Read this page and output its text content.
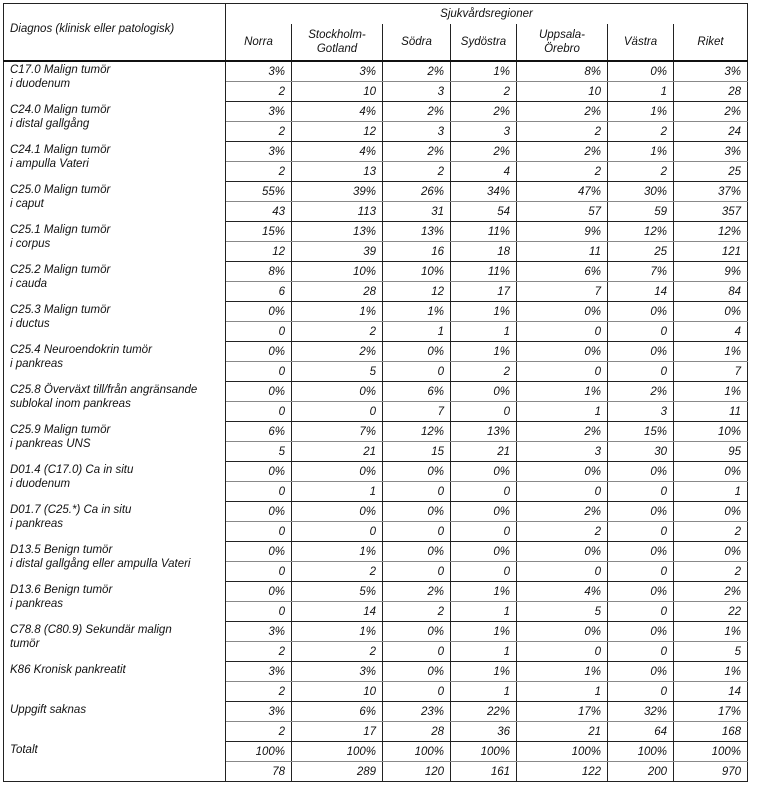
Diagnos (klinisk eller patologisk)	Sjukvårdsregioner						
	Norra	Stockholm-
Gotland	Södra	Sydöstra	Uppsala-
Örebro	Västra	Riket
C17.0 Malign tumör
i duodenum	3%	3%	2%	1%	8%	0%	3%
	2	10	3	2	10	1	28
C24.0 Malign tumör
i distal gallgång	3%	4%	2%	2%	2%	1%	2%
	2	12	3	3	2	2	24
C24.1 Malign tumör
i ampulla Vateri	3%	4%	2%	2%	2%	1%	3%
	2	13	2	4	2	2	25
C25.0 Malign tumör
i caput	55%	39%	26%	34%	47%	30%	37%
	43	113	31	54	57	59	357
C25.1 Malign tumör
i corpus	15%	13%	13%	11%	9%	12%	12%
	12	39	16	18	11	25	121
C25.2 Malign tumör
i cauda	8%	10%	10%	11%	6%	7%	9%
	6	28	12	17	7	14	84
C25.3 Malign tumör
i ductus	0%	1%	1%	1%	0%	0%	0%
	0	2	1	1	0	0	4
C25.4 Neuroendokrin tumör
i pankreas	0%	2%	0%	1%	0%	0%	1%
	0	5	0	2	0	0	7
C25.8 Överväxt till/från angränsande
sublokal inom pankreas	0%	0%	6%	0%	1%	2%	1%
	0	0	7	0	1	3	11
C25.9 Malign tumör
i pankreas UNS	6%	7%	12%	13%	2%	15%	10%
	5	21	15	21	3	30	95
D01.4 (C17.0) Ca in situ
i duodenum	0%	0%	0%	0%	0%	0%	0%
	0	1	0	0	0	0	1
D01.7 (C25.*) Ca in situ
i pankreas	0%	0%	0%	0%	2%	0%	0%
	0	0	0	0	2	0	2
D13.5 Benign tumör
i distal gallgång eller ampulla Vateri	0%	1%	0%	0%	0%	0%	0%
	0	2	0	0	0	0	2
D13.6 Benign tumör
i pankreas	0%	5%	2%	1%	4%	0%	2%
	0	14	2	1	5	0	22
C78.8 (C80.9) Sekundär malign
tumör	3%	1%	0%	1%	0%	0%	1%
	2	2	0	1	0	0	5
K86 Kronisk pankreatit	3%	3%	0%	1%	1%	0%	1%
	2	10	0	1	1	0	14
Uppgift saknas	3%	6%	23%	22%	17%	32%	17%
	2	17	28	36	21	64	168
Totalt	100%	100%	100%	100%	100%	100%	100%
	78	289	120	161	122	200	970
